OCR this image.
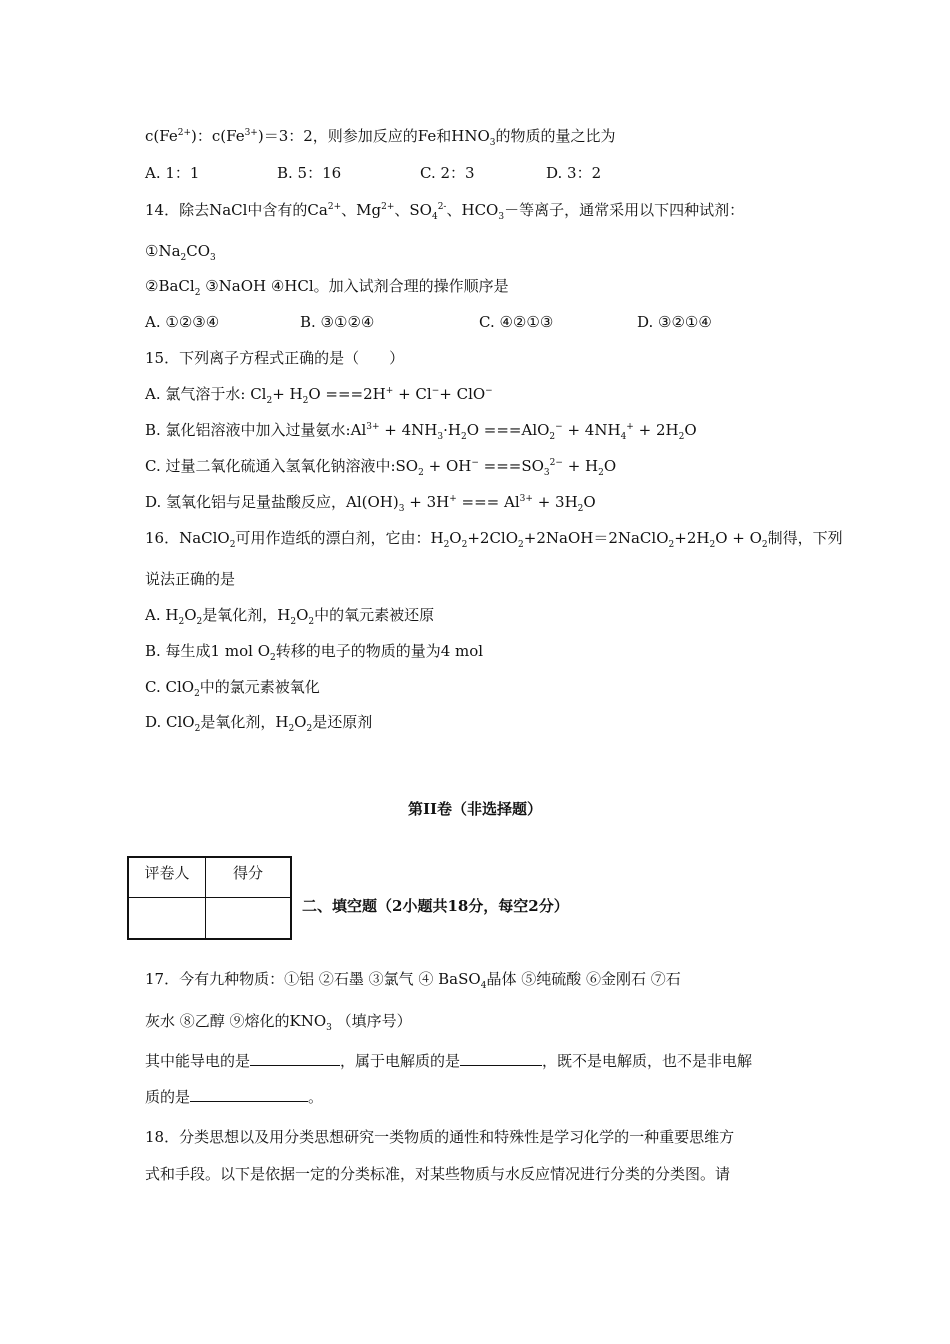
$c(Fe^{2+})$：$c(Fe^{3+})=3$：2，则参加反应的Fe和$HNO_3$的物质的量之比为
A. 1：1	B. 5：16	C. 2：3	D. 3：2
14．除去NaCl中含有的$Ca^{2+}$、$Mg^{2+}$、$SO_4^{2-}$、$HCO_3-$等离子，通常采用以下四种试剂：
$①Na_2CO_3$
②BaCl$_2$ ③NaOH ④HCl。加入试剂合理的操作顺序是
A. ①②③④	B. ③①②④	C. ④②①③	D. ③②①④
15．下列离子方程式正确的是（　　）
A. 氯气溶于水: $Cl_2+ H_2O ===2H^+ + Cl^-+ ClO^-$
B. 氯化铝溶液中加入过量氨水$:Al^{3+} + 4NH_3\cdot H_2O ===AlO_2^- + 4NH_4^+ + 2H_2O$
C. 过量二氧化硫通入氢氧化钠溶液中$:SO_2 + OH^- ===SO_3^{2-} + H_2O$
D. 氢氧化铝与足量盐酸反应，$Al(OH)_3 + 3H^+$ === $Al^{3+} + 3H_2O$
16．NaClO$_2$可用作造纸的漂白剂，它由：$H_2O_2+2ClO_2+2NaOH=2NaClO_2+2H_2O + O_2$制得，下列
说法正确的是
A. $H_2O_2$是氧化剂，$H_2O_2$中的氧元素被还原
B. 每生成1 mol $O_2$转移的电子的物质的量为4 mol
C. ClO$_2$中的氯元素被氧化
D. ClO$_2$是氧化剂，$H_2O_2$是还原剂
第II卷（非选择题）
评卷人	得分

二、填空题（2小题共18分，每空2分）
17．今有九种物质：①铝 ②石墨 ③氯气 ④ BaSO$_4$晶体 ⑤纯硫酸 ⑥金刚石 ⑦石
灰水 ⑧乙醇 ⑨熔化的$KNO_3$ （填序号）
其中能导电的是	，属于电解质的是	，既不是电解质，也不是非电解
质的是	。
18．分类思想以及用分类思想研究一类物质的通性和特殊性是学习化学的一种重要思维方
式和手段。以下是依据一定的分类标准，对某些物质与水反应情况进行分类的分类图。请
